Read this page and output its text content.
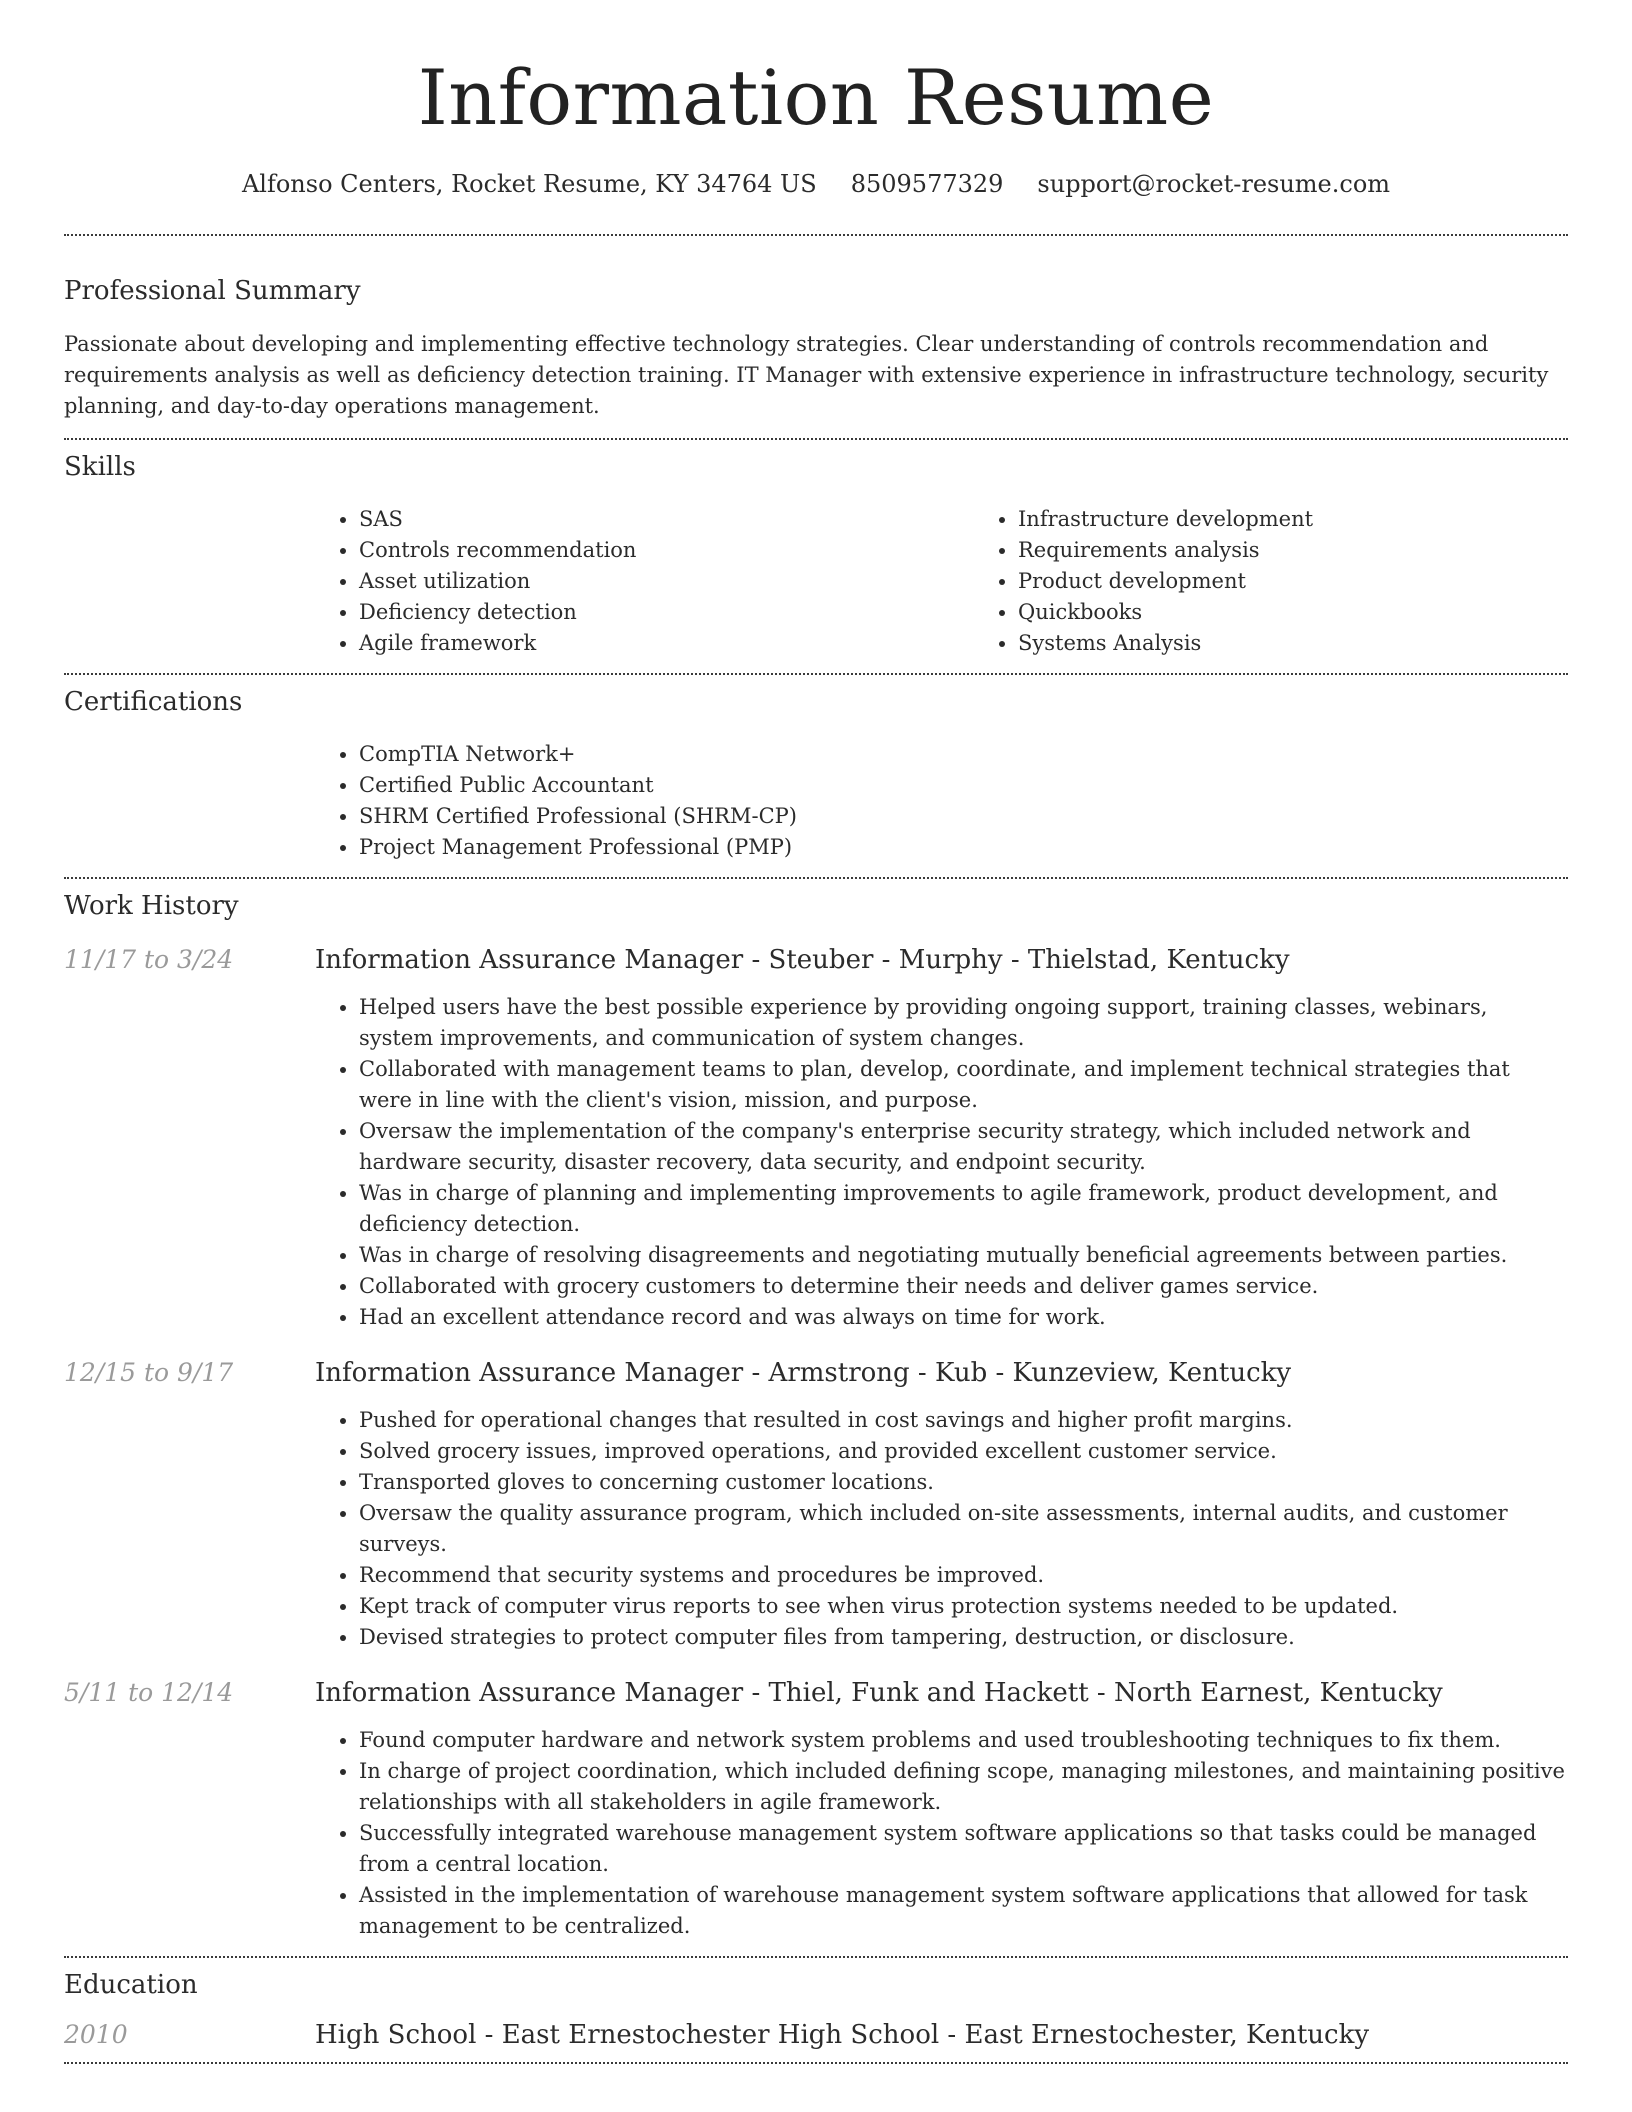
Information Resume
Alfonso Centers, Rocket Resume, KY 34764 US 8509577329 support@rocket-resume.com
Professional Summary

Passionate about developing and implementing effective technology strategies. Clear understanding of controls recommendation and requirements analysis as well as deficiency detection training. IT Manager with extensive experience in infrastructure technology, security planning, and day-to-day operations management.

Skills
• SAS
• Controls recommendation
• Asset utilization
• Deficiency detection
• Agile framework
• Infrastructure development
• Requirements analysis
• Product development
• Quickbooks
• Systems Analysis
Certifications
• CompTIA Network+
• Certified Public Accountant
• SHRM Certified Professional (SHRM-CP)
• Project Management Professional (PMP)
Work History
11/17 to 3/24	Information Assurance Manager - Steuber - Murphy - Thielstad, Kentucky
• Helped users have the best possible experience by providing ongoing support, training classes, webinars, system improvements, and communication of system changes.
• Collaborated with management teams to plan, develop, coordinate, and implement technical strategies that were in line with the client's vision, mission, and purpose.
• Oversaw the implementation of the company's enterprise security strategy, which included network and hardware security, disaster recovery, data security, and endpoint security.
• Was in charge of planning and implementing improvements to agile framework, product development, and deficiency detection.
• Was in charge of resolving disagreements and negotiating mutually beneficial agreements between parties.
• Collaborated with grocery customers to determine their needs and deliver games service.
• Had an excellent attendance record and was always on time for work.
12/15 to 9/17	Information Assurance Manager - Armstrong - Kub - Kunzeview, Kentucky
• Pushed for operational changes that resulted in cost savings and higher profit margins.
• Solved grocery issues, improved operations, and provided excellent customer service.
• Transported gloves to concerning customer locations.
• Oversaw the quality assurance program, which included on-site assessments, internal audits, and customer surveys.
• Recommend that security systems and procedures be improved.
• Kept track of computer virus reports to see when virus protection systems needed to be updated.
• Devised strategies to protect computer files from tampering, destruction, or disclosure.
5/11 to 12/14	Information Assurance Manager - Thiel, Funk and Hackett - North Earnest, Kentucky
• Found computer hardware and network system problems and used troubleshooting techniques to fix them.
• In charge of project coordination, which included defining scope, managing milestones, and maintaining positive relationships with all stakeholders in agile framework.
• Successfully integrated warehouse management system software applications so that tasks could be managed from a central location.
• Assisted in the implementation of warehouse management system software applications that allowed for task management to be centralized.
Education
2010	High School - East Ernestochester High School - East Ernestochester, Kentucky
